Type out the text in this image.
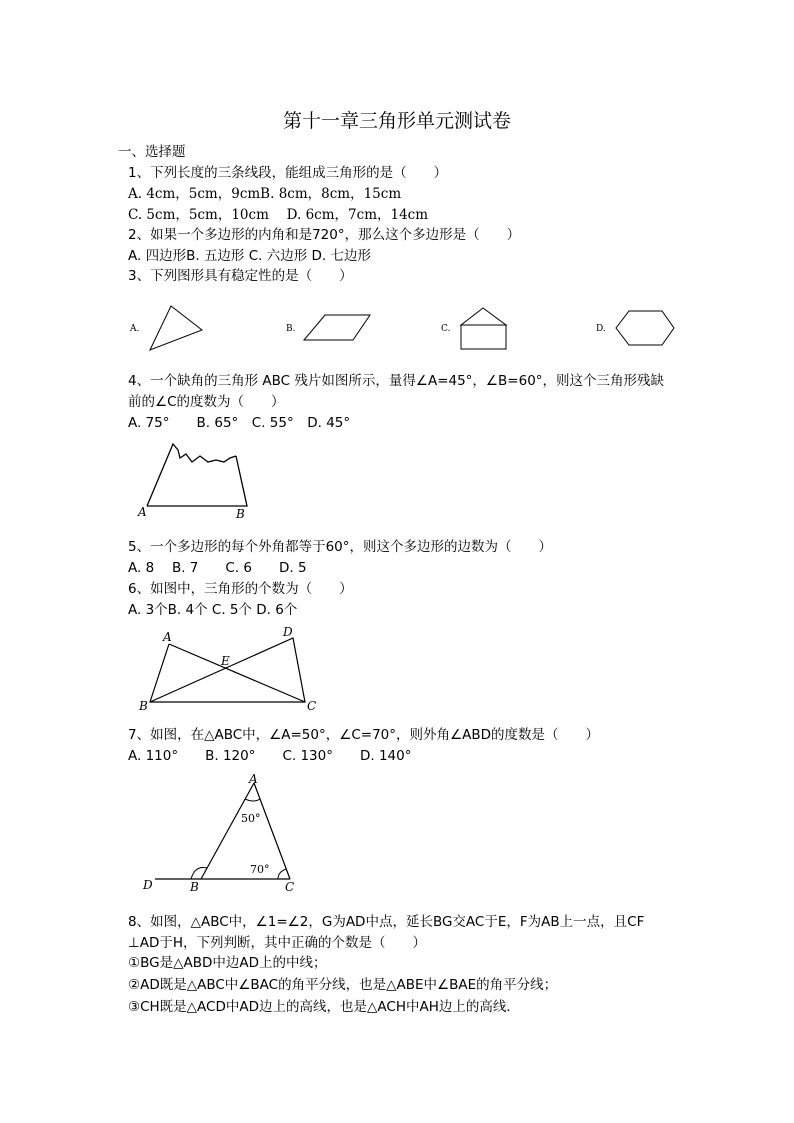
第十一章三角形单元测试卷
一、选择题
1、下列长度的三条线段，能组成三角形的是（　　）
A. 4cm，5cm，9cmB. 8cm，8cm，15cm
C. 5cm，5cm，10cm　 D. 6cm，7cm，14cm
2、如果一个多边形的内角和是720°，那么这个多边形是（　　）
A. 四边形B. 五边形 C. 六边形 D. 七边形
3、下列图形具有稳定性的是（　　）
A.	B.	C.	D.
4、一个缺角的三角形 ABC 残片如图所示，量得∠A=45°，∠B=60°，则这个三角形残缺
前的∠C的度数为（　　）
A. 75°　　B. 65°　C. 55°　D. 45°
A	B
5、一个多边形的每个外角都等于60°，则这个多边形的边数为（　　）
A. 8　 B. 7　　C. 6　　D. 5
6、如图中，三角形的个数为（　　）
A. 3个B. 4个 C. 5个 D. 6个
A	D
E
B	C
7、如图，在△ABC中，∠A=50°，∠C=70°，则外角∠ABD的度数是（　　）
A. 110°　　B. 120°　　C. 130°　　D. 140°
A
50°
70°
D	B	C
8、如图，△ABC中，∠1=∠2，G为AD中点，延长BG交AC于E，F为AB上一点，且CF
⊥AD于H，下列判断，其中正确的个数是（　　）
①BG是△ABD中边AD上的中线；
②AD既是△ABC中∠BAC的角平分线，也是△ABE中∠BAE的角平分线；
③CH既是△ACD中AD边上的高线，也是△ACH中AH边上的高线．
